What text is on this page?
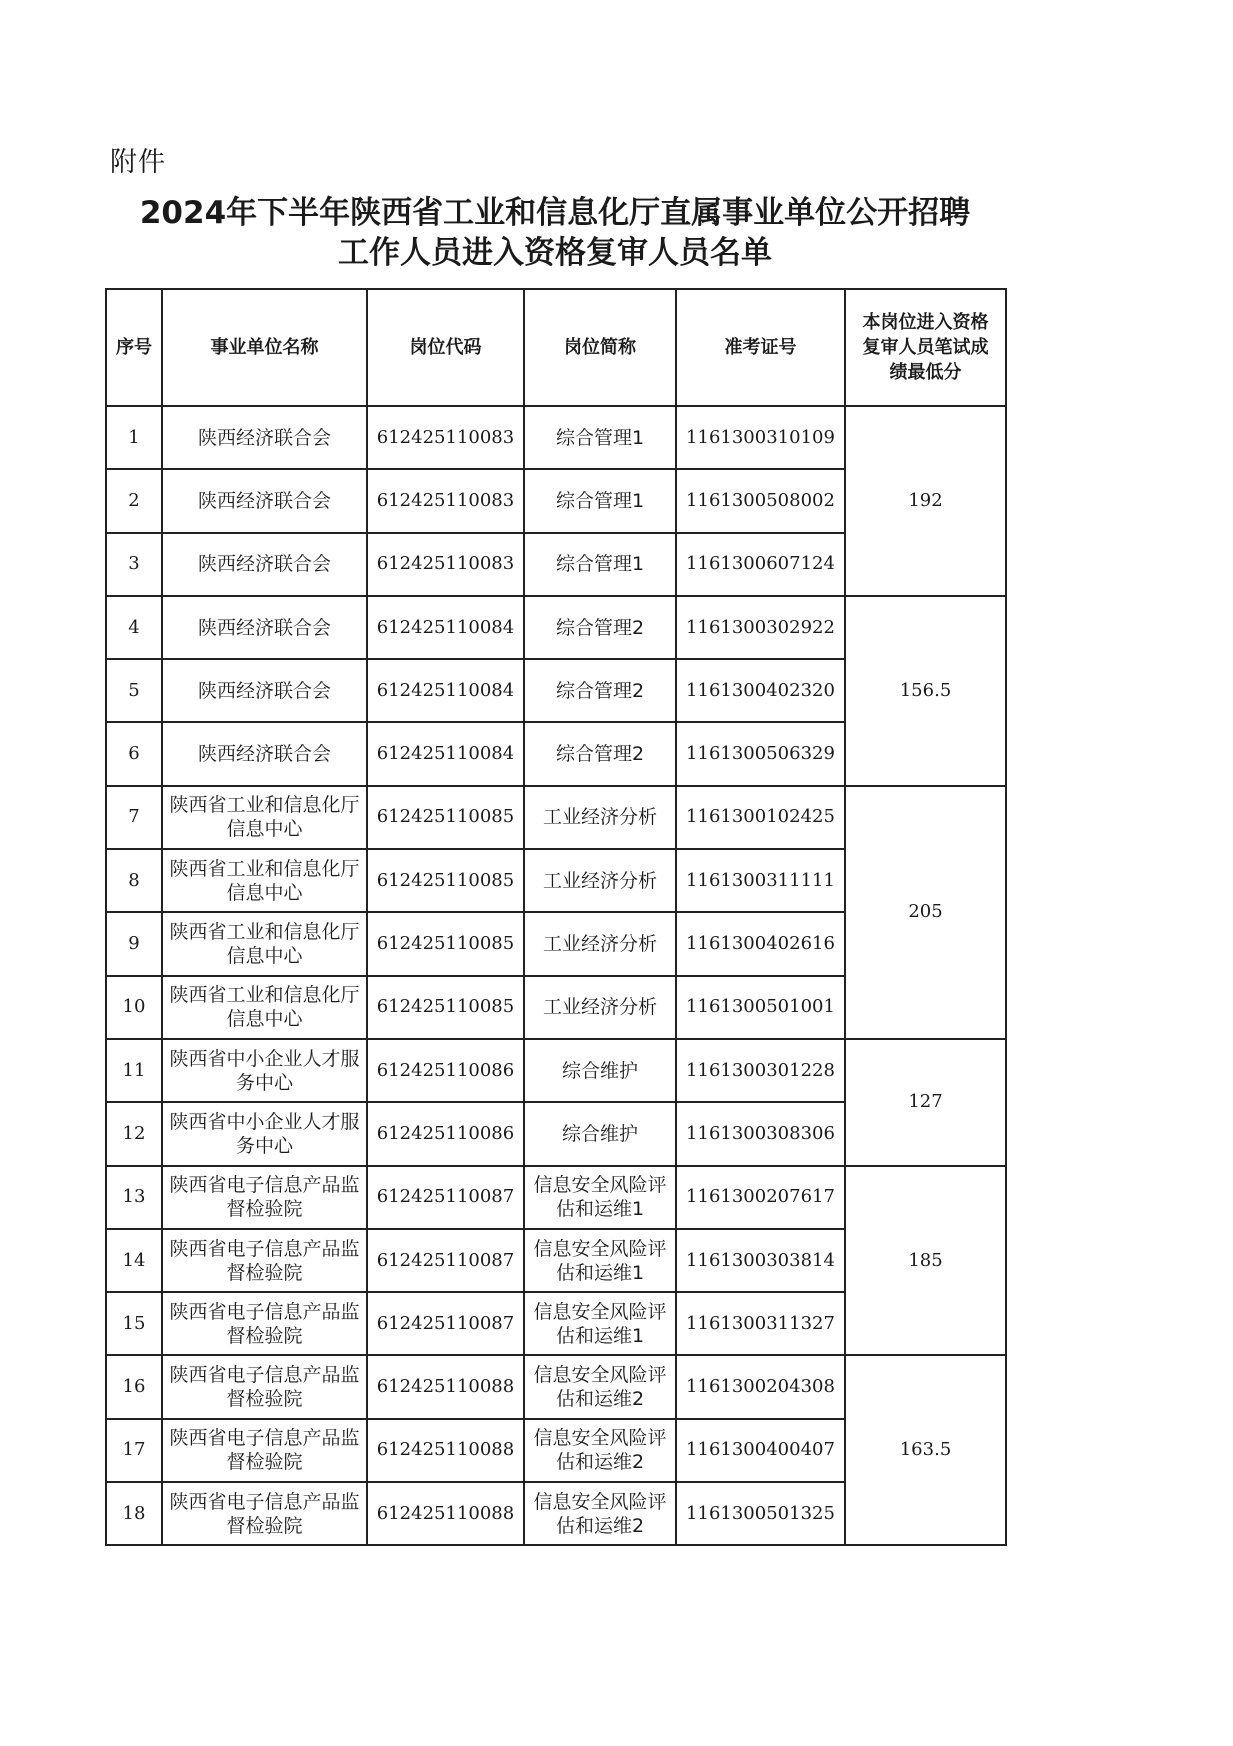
附件
2024年下半年陕西省工业和信息化厅直属事业单位公开招聘
工作人员进入资格复审人员名单
序号	事业单位名称	岗位代码	岗位简称	准考证号	本岗位进入资格复审人员笔试成绩最低分
1	陕西经济联合会	612425110083	综合管理1	1161300310109	192
2	陕西经济联合会	612425110083	综合管理1	1161300508002	
3	陕西经济联合会	612425110083	综合管理1	1161300607124	
4	陕西经济联合会	612425110084	综合管理2	1161300302922	156.5
5	陕西经济联合会	612425110084	综合管理2	1161300402320	
6	陕西经济联合会	612425110084	综合管理2	1161300506329	
7	陕西省工业和信息化厅信息中心	612425110085	工业经济分析	1161300102425	205
8	陕西省工业和信息化厅信息中心	612425110085	工业经济分析	1161300311111	
9	陕西省工业和信息化厅信息中心	612425110085	工业经济分析	1161300402616	
10	陕西省工业和信息化厅信息中心	612425110085	工业经济分析	1161300501001	
11	陕西省中小企业人才服务中心	612425110086	综合维护	1161300301228	127
12	陕西省中小企业人才服务中心	612425110086	综合维护	1161300308306	
13	陕西省电子信息产品监督检验院	612425110087	信息安全风险评估和运维1	1161300207617	185
14	陕西省电子信息产品监督检验院	612425110087	信息安全风险评估和运维1	1161300303814	
15	陕西省电子信息产品监督检验院	612425110087	信息安全风险评估和运维1	1161300311327	
16	陕西省电子信息产品监督检验院	612425110088	信息安全风险评估和运维2	1161300204308	163.5
17	陕西省电子信息产品监督检验院	612425110088	信息安全风险评估和运维2	1161300400407	
18	陕西省电子信息产品监督检验院	612425110088	信息安全风险评估和运维2	1161300501325	
